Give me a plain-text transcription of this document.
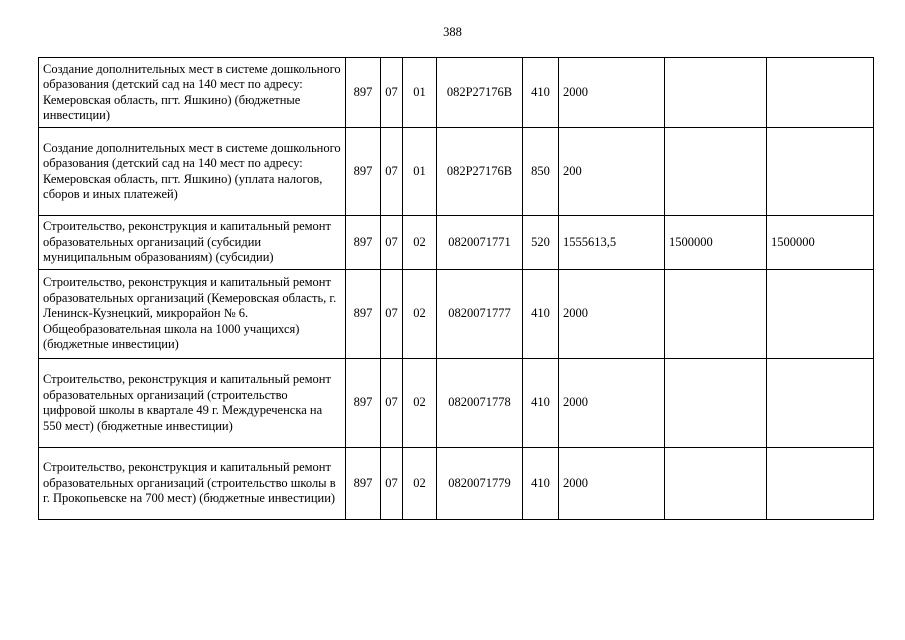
388
Создание дополнительных мест в системе дошкольного образования (детский сад на 140 мест по адресу: Кемеровская область, пгт. Яшкино) (бюджетные инвестиции)	897	07	01	082P27176B	410	2000		
Создание дополнительных мест в системе дошкольного образования (детский сад на 140 мест по адресу: Кемеровская область, пгт. Яшкино) (уплата налогов, сборов и иных платежей)	897	07	01	082P27176B	850	200		
Строительство, реконструкция и капитальный ремонт образовательных организаций (субсидии муниципальным образованиям) (субсидии)	897	07	02	0820071771	520	1555613,5	1500000	1500000
Строительство, реконструкция и капитальный ремонт образовательных организаций (Кемеровская область, г. Ленинск-Кузнецкий, микрорайон № 6. Общеобразовательная школа на 1000 учащихся) (бюджетные инвестиции)	897	07	02	0820071777	410	2000		
Строительство, реконструкция и капитальный ремонт образовательных организаций (строительство цифровой школы в квартале 49 г. Междуреченска на 550 мест) (бюджетные инвестиции)	897	07	02	0820071778	410	2000		
Строительство, реконструкция и капитальный ремонт образовательных организаций (строительство школы в г. Прокопьевске на 700 мест) (бюджетные инвестиции)	897	07	02	0820071779	410	2000		
